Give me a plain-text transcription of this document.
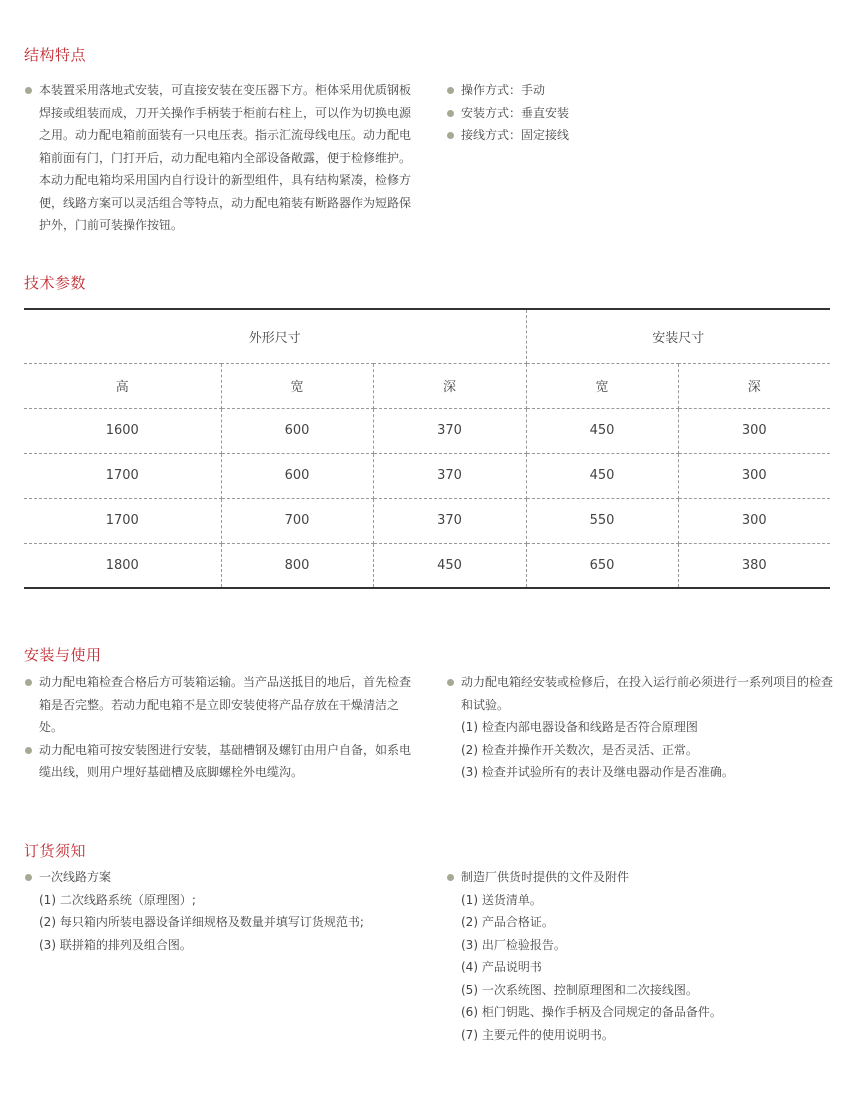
结构特点
本装置采用落地式安装，可直接安装在变压器下方。柜体采用优质钢板焊接或组装而成，刀开关操作手柄装于柜前右柱上，可以作为切换电源之用。动力配电箱前面装有一只电压表。指示汇流母线电压。动力配电箱前面有门，门打开后，动力配电箱内全部设备敞露，便于检修维护。本动力配电箱均采用国内自行设计的新型组件，具有结构紧凑，检修方便，线路方案可以灵活组合等特点，动力配电箱装有断路器作为短路保护外，门前可装操作按钮。
操作方式：手动
安装方式：垂直安装
接线方式：固定接线
技术参数
外形尺寸			安装尺寸	
高	宽	深	宽	深
1600	600	370	450	300
1700	600	370	450	300
1700	700	370	550	300
1800	800	450	650	380
安装与使用
动力配电箱检查合格后方可装箱运输。当产品送抵目的地后，首先检查箱是否完整。若动力配电箱不是立即安装使将产品存放在干燥清洁之处。
动力配电箱可按安装图进行安装，基础槽钢及螺钉由用户自备，如系电缆出线，则用户埋好基础槽及底脚螺栓外电缆沟。
动力配电箱经安装或检修后，在投入运行前必须进行一系列项目的检查和试验。
(1) 检查内部电器设备和线路是否符合原理图
(2) 检查并操作开关数次，是否灵活、正常。
(3) 检查并试验所有的表计及继电器动作是否准确。
订货须知
一次线路方案
(1) 二次线路系统（原理图）;
(2) 每只箱内所装电器设备详细规格及数量并填写订货规范书;
(3) 联拼箱的排列及组合图。
制造厂供货时提供的文件及附件
(1) 送货清单。
(2) 产品合格证。
(3) 出厂检验报告。
(4) 产品说明书
(5) 一次系统图、控制原理图和二次接线图。
(6) 柜门钥匙、操作手柄及合同规定的备品备件。
(7) 主要元件的使用说明书。
